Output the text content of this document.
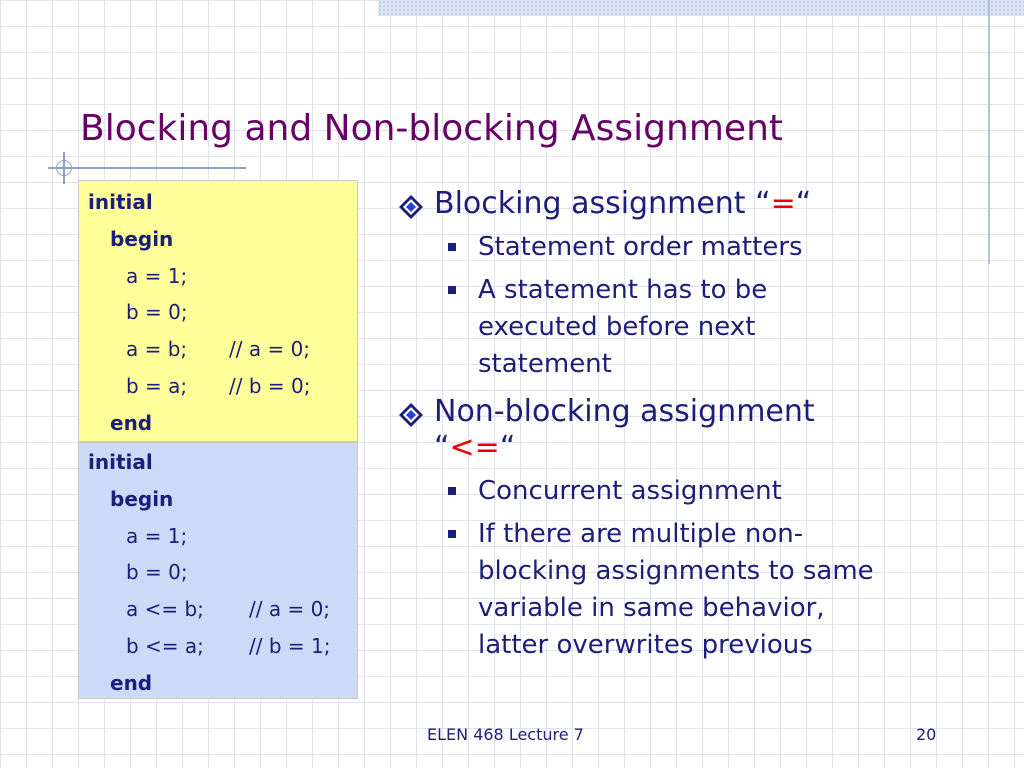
Blocking and Non-blocking Assignment
initial
begin
a = 1;
b = 0;
a = b; // a = 0;
b = a; // b = 0;
end
initial
begin
a = 1;
b = 0;
a <= b; // a = 0;
b <= a; // b = 1;
end
Blocking assignment “=“
Statement order matters
A statement has to be
executed before next
statement
Non-blocking assignment
“<=“
Concurrent assignment
If there are multiple non-
blocking assignments to same
variable in same behavior,
latter overwrites previous
ELEN 468 Lecture 7	20
